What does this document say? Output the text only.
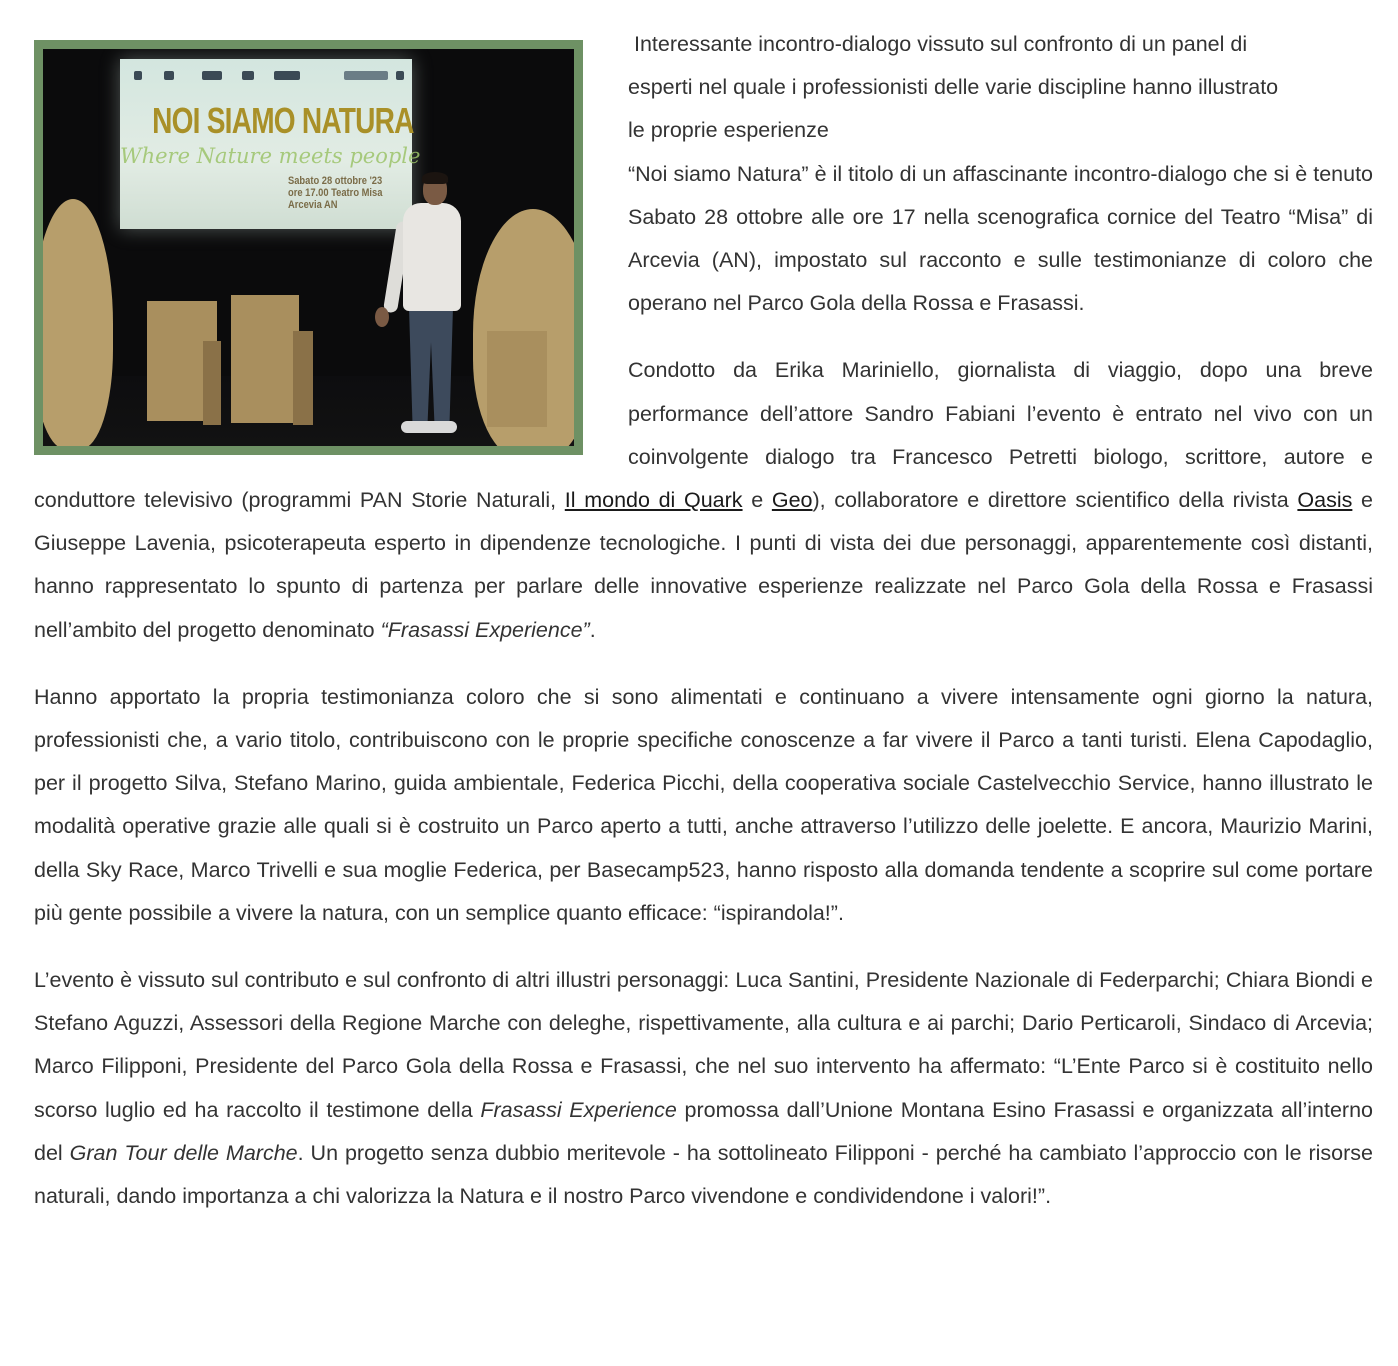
NOI SIAMO NATURA
Where Nature meets people
Sabato 28 ottobre '23
ore 17.00 Teatro Misa
Arcevia AN

Interessante incontro-dialogo vissuto sul confronto di un panel di
esperti nel quale i professionisti delle varie discipline hanno illustrato
le proprie esperienze
“Noi siamo Natura” è il titolo di un affascinante incontro-dialogo che si è tenuto Sabato 28 ottobre alle ore 17 nella scenografica cornice del Teatro “Misa” di Arcevia (AN), impostato sul racconto e sulle testimonianze di coloro che operano nel Parco Gola della Rossa e Frasassi.

Condotto da Erika Mariniello, giornalista di viaggio, dopo una breve performance dell’attore Sandro Fabiani l’evento è entrato nel vivo con un coinvolgente dialogo tra Francesco Petretti biologo, scrittore, autore e conduttore televisivo (programmi PAN Storie Naturali, Il mondo di Quark e Geo), collaboratore e direttore scientifico della rivista Oasis e Giuseppe Lavenia, psicoterapeuta esperto in dipendenze tecnologiche. I punti di vista dei due personaggi, apparentemente così distanti, hanno rappresentato lo spunto di partenza per parlare delle innovative esperienze realizzate nel Parco Gola della Rossa e Frasassi nell’ambito del progetto denominato “Frasassi Experience”.

Hanno apportato la propria testimonianza coloro che si sono alimentati e continuano a vivere intensamente ogni giorno la natura, professionisti che, a vario titolo, contribuiscono con le proprie specifiche conoscenze a far vivere il Parco a tanti turisti. Elena Capodaglio, per il progetto Silva, Stefano Marino, guida ambientale, Federica Picchi, della cooperativa sociale Castelvecchio Service, hanno illustrato le modalità operative grazie alle quali si è costruito un Parco aperto a tutti, anche attraverso l’utilizzo delle joelette. E ancora, Maurizio Marini, della Sky Race, Marco Trivelli e sua moglie Federica, per Basecamp523, hanno risposto alla domanda tendente a scoprire sul come portare più gente possibile a vivere la natura, con un semplice quanto efficace: “ispirandola!”.

L’evento è vissuto sul contributo e sul confronto di altri illustri personaggi: Luca Santini, Presidente Nazionale di Federparchi; Chiara Biondi e Stefano Aguzzi, Assessori della Regione Marche con deleghe, rispettivamente, alla cultura e ai parchi; Dario Perticaroli, Sindaco di Arcevia; Marco Filipponi, Presidente del Parco Gola della Rossa e Frasassi, che nel suo intervento ha affermato: “L’Ente Parco si è costituito nello scorso luglio ed ha raccolto il testimone della Frasassi Experience promossa dall’Unione Montana Esino Frasassi e organizzata all’interno del Gran Tour delle Marche. Un progetto senza dubbio meritevole - ha sottolineato Filipponi - perché ha cambiato l’approccio con le risorse naturali, dando importanza a chi valorizza la Natura e il nostro Parco vivendone e condividendone i valori!”.
